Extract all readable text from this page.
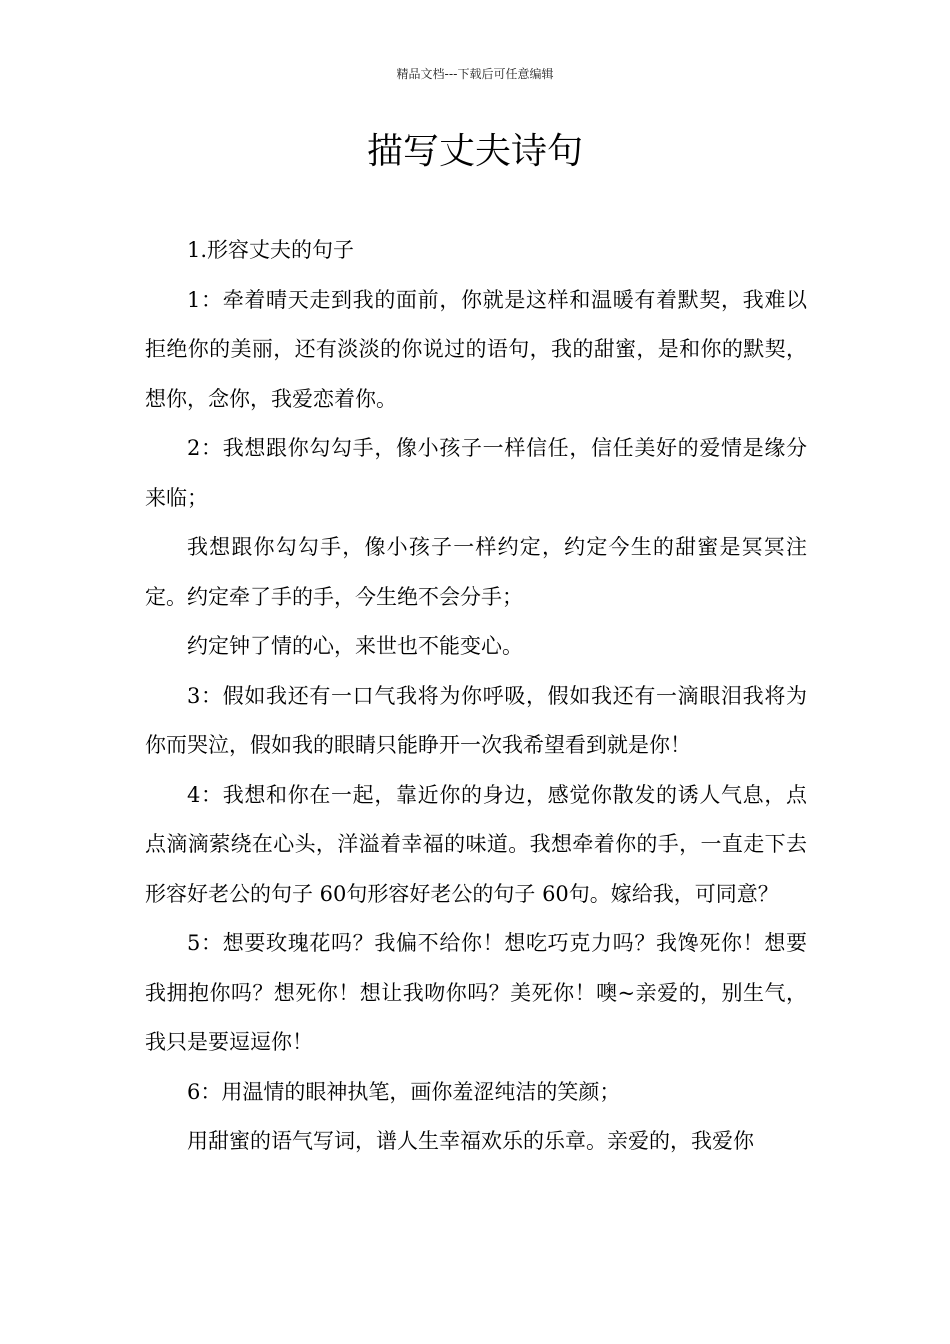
精品文档---下载后可任意编辑
描写丈夫诗句

1.形容丈夫的句子

1：牵着晴天走到我的面前，你就是这样和温暖有着默契，我难以拒绝你的美丽，还有淡淡的你说过的语句，我的甜蜜，是和你的默契，想你，念你，我爱恋着你。

2：我想跟你勾勾手，像小孩子一样信任，信任美好的爱情是缘分来临；

我想跟你勾勾手，像小孩子一样约定，约定今生的甜蜜是冥冥注定。约定牵了手的手，今生绝不会分手；

约定钟了情的心，来世也不能变心。

3：假如我还有一口气我将为你呼吸，假如我还有一滴眼泪我将为你而哭泣，假如我的眼睛只能睁开一次我希望看到就是你！

4：我想和你在一起，靠近你的身边，感觉你散发的诱人气息，点点滴滴萦绕在心头，洋溢着幸福的味道。我想牵着你的手，一直走下去形容好老公的句子 60句形容好老公的句子 60句。嫁给我，可同意？

5：想要玫瑰花吗？我偏不给你！想吃巧克力吗？我馋死你！想要我拥抱你吗？想死你！想让我吻你吗？美死你！噢~亲爱的，别生气，我只是要逗逗你！

6：用温情的眼神执笔，画你羞涩纯洁的笑颜；

用甜蜜的语气写词，谱人生幸福欢乐的乐章。亲爱的，我爱你
